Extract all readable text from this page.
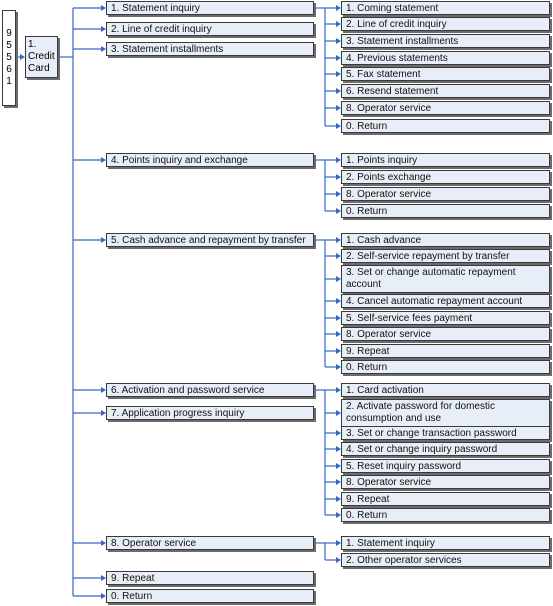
9
5
5
6
1
1. Credit Card
1. Statement inquiry	1. Coming statement
2. Line of credit inquiry
3. Statement installments
4. Previous statements
5. Fax statement
6. Resend statement
8. Operator service
0. Return
2. Line of credit inquiry
3. Statement installments
4. Points inquiry and exchange	1. Points inquiry
2. Points exchange
8. Operator service
0. Return
5. Cash advance and repayment by transfer	1. Cash advance
2. Self-service repayment by transfer
3. Set or change automatic repayment account
4. Cancel automatic repayment account
5. Self-service fees payment
8. Operator service
9. Repeat
0. Return
6. Activation and password service	1. Card activation
2. Activate password for domestic consumption and use
3. Set or change transaction password
4. Set or change inquiry password
5. Reset inquiry password
8. Operator service
9. Repeat
0. Return
7. Application progress inquiry
8. Operator service	1. Statement inquiry
2. Other operator services
9. Repeat
0. Return
